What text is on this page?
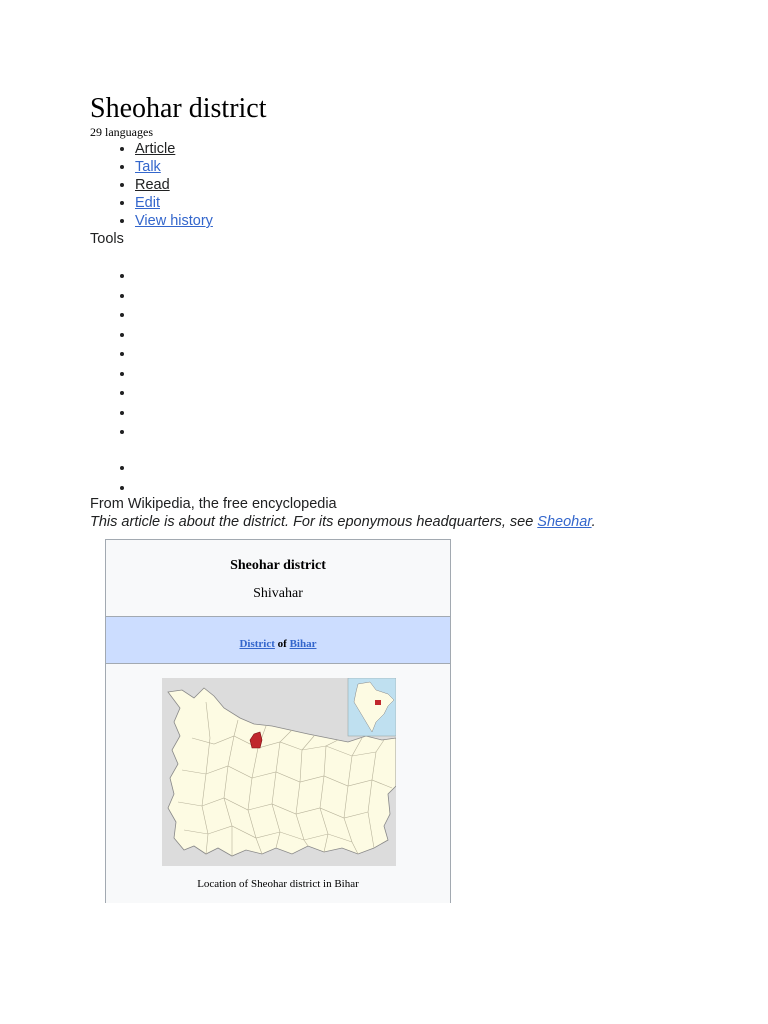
Sheohar district
29 languages
• Article
• Talk
• Read
• Edit
• View history
Tools
From Wikipedia, the free encyclopedia
This article is about the district. For its eponymous headquarters, see Sheohar.
Sheohar district
Shivahar
District of Bihar
Location of Sheohar district in Bihar
